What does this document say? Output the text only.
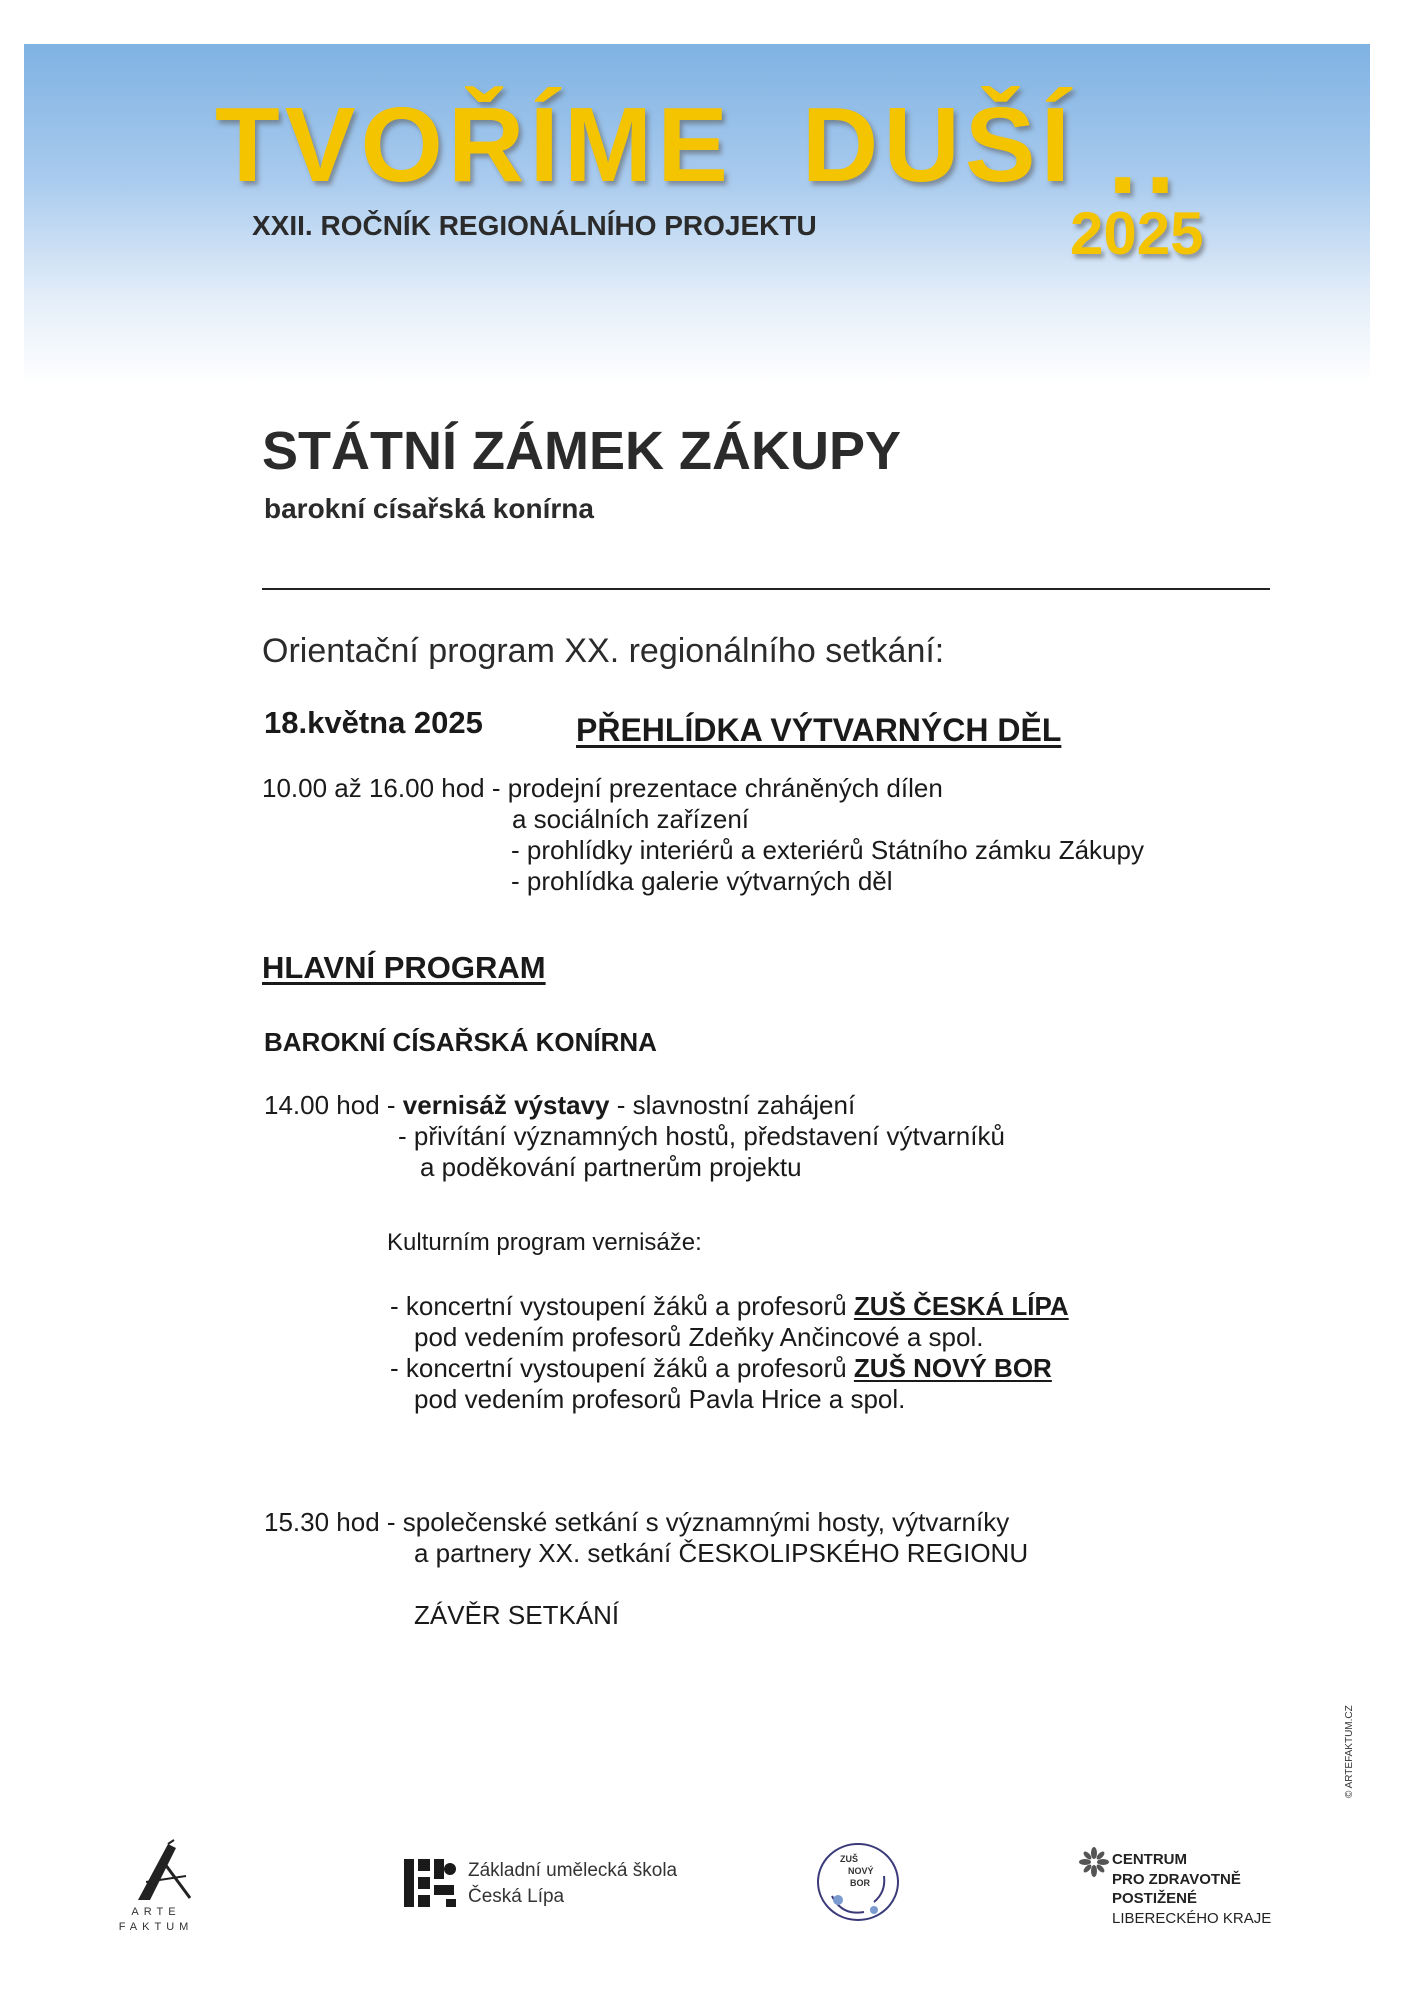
TVOŘÍME  DUŠÍ ..
XXII. ROČNÍK REGIONÁLNÍHO PROJEKTU	2025
STÁTNÍ ZÁMEK ZÁKUPY
barokní císařská konírna
Orientační program XX. regionálního setkání:
18.května 2025	PŘEHLÍDKA VÝTVARNÝCH DĚL
10.00 až 16.00 hod - prodejní prezentace chráněných dílen
a sociálních zařízení
- prohlídky interiérů a exteriérů Státního zámku Zákupy
- prohlídka galerie výtvarných děl
HLAVNÍ PROGRAM
BAROKNÍ CÍSAŘSKÁ KONÍRNA
14.00 hod - vernisáž výstavy - slavnostní zahájení
- přivítání významných hostů, představení výtvarníků
a poděkování partnerům projektu
Kulturním program vernisáže:
- koncertní vystoupení žáků a profesorů ZUŠ ČESKÁ LÍPA
pod vedením profesorů Zdeňky Ančincové a spol.
- koncertní vystoupení žáků a profesorů ZUŠ NOVÝ BOR
pod vedením profesorů Pavla Hrice a spol.
15.30 hod - společenské setkání s významnými hosty, výtvarníky
a partnery XX. setkání ČESKOLIPSKÉHO REGIONU
ZÁVĚR SETKÁNÍ
© ARTEFAKTUM.CZ
ARTE
FAKTUM
Základní umělecká škola
Česká Lípa
ZUŠ
NOVÝ
BOR
CENTRUM
PRO ZDRAVOTNĚ
POSTIŽENÉ
LIBERECKÉHO KRAJE
